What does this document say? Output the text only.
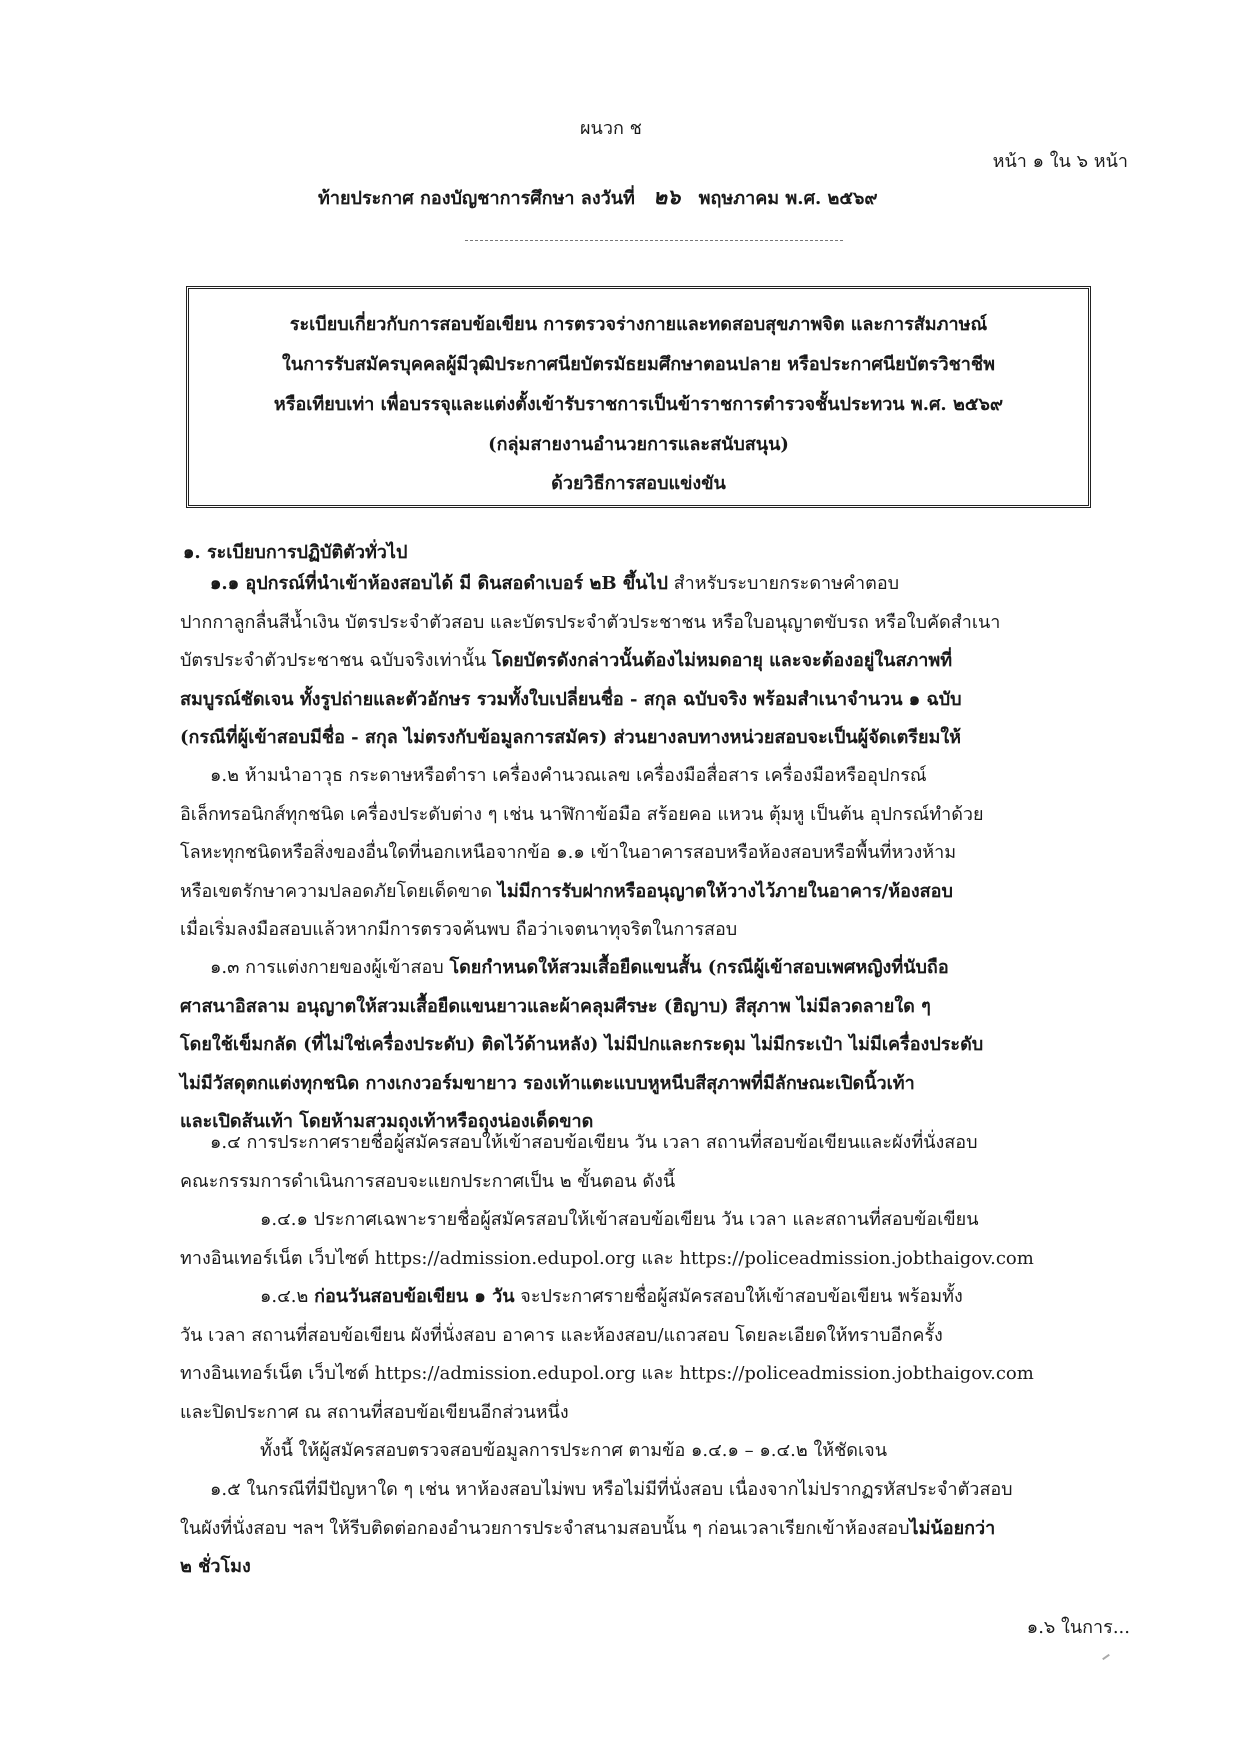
ผนวก ช
หน้า ๑ ใน ๖ หน้า
ท้ายประกาศ กองบัญชาการศึกษา ลงวันที่ ๒๖ พฤษภาคม พ.ศ. ๒๕๖๙
ระเบียบเกี่ยวกับการสอบข้อเขียน การตรวจร่างกายและทดสอบสุขภาพจิต และการสัมภาษณ์
ในการรับสมัครบุคคลผู้มีวุฒิประกาศนียบัตรมัธยมศึกษาตอนปลาย หรือประกาศนียบัตรวิชาชีพ
หรือเทียบเท่า เพื่อบรรจุและแต่งตั้งเข้ารับราชการเป็นข้าราชการตำรวจชั้นประทวน พ.ศ. ๒๕๖๙
(กลุ่มสายงานอำนวยการและสนับสนุน)
ด้วยวิธีการสอบแข่งขัน
๑. ระเบียบการปฏิบัติตัวทั่วไป
๑.๑ อุปกรณ์ที่นำเข้าห้องสอบได้ มี ดินสอดำเบอร์ ๒B ขึ้นไป สำหรับระบายกระดาษคำตอบ
ปากกาลูกลื่นสีน้ำเงิน บัตรประจำตัวสอบ และบัตรประจำตัวประชาชน หรือใบอนุญาตขับรถ หรือใบคัดสำเนา
บัตรประจำตัวประชาชน ฉบับจริงเท่านั้น โดยบัตรดังกล่าวนั้นต้องไม่หมดอายุ และจะต้องอยู่ในสภาพที่
สมบูรณ์ชัดเจน ทั้งรูปถ่ายและตัวอักษร รวมทั้งใบเปลี่ยนชื่อ - สกุล ฉบับจริง พร้อมสำเนาจำนวน ๑ ฉบับ
(กรณีที่ผู้เข้าสอบมีชื่อ - สกุล ไม่ตรงกับข้อมูลการสมัคร) ส่วนยางลบทางหน่วยสอบจะเป็นผู้จัดเตรียมให้
๑.๒ ห้ามนำอาวุธ กระดาษหรือตำรา เครื่องคำนวณเลข เครื่องมือสื่อสาร เครื่องมือหรืออุปกรณ์
อิเล็กทรอนิกส์ทุกชนิด เครื่องประดับต่าง ๆ เช่น นาฬิกาข้อมือ สร้อยคอ แหวน ตุ้มหู เป็นต้น อุปกรณ์ทำด้วย
โลหะทุกชนิดหรือสิ่งของอื่นใดที่นอกเหนือจากข้อ ๑.๑ เข้าในอาคารสอบหรือห้องสอบหรือพื้นที่หวงห้าม
หรือเขตรักษาความปลอดภัยโดยเด็ดขาด ไม่มีการรับฝากหรืออนุญาตให้วางไว้ภายในอาคาร/ห้องสอบ
เมื่อเริ่มลงมือสอบแล้วหากมีการตรวจค้นพบ ถือว่าเจตนาทุจริตในการสอบ
๑.๓ การแต่งกายของผู้เข้าสอบ โดยกำหนดให้สวมเสื้อยืดแขนสั้น (กรณีผู้เข้าสอบเพศหญิงที่นับถือ
ศาสนาอิสลาม อนุญาตให้สวมเสื้อยืดแขนยาวและผ้าคลุมศีรษะ (ฮิญาบ) สีสุภาพ ไม่มีลวดลายใด ๆ
โดยใช้เข็มกลัด (ที่ไม่ใช่เครื่องประดับ) ติดไว้ด้านหลัง) ไม่มีปกและกระดุม ไม่มีกระเป๋า ไม่มีเครื่องประดับ
ไม่มีวัสดุตกแต่งทุกชนิด กางเกงวอร์มขายาว รองเท้าแตะแบบหูหนีบสีสุภาพที่มีลักษณะเปิดนิ้วเท้า
และเปิดส้นเท้า โดยห้ามสวมถุงเท้าหรือถุงน่องเด็ดขาด
๑.๔ การประกาศรายชื่อผู้สมัครสอบให้เข้าสอบข้อเขียน วัน เวลา สถานที่สอบข้อเขียนและผังที่นั่งสอบ
คณะกรรมการดำเนินการสอบจะแยกประกาศเป็น ๒ ขั้นตอน ดังนี้
๑.๔.๑ ประกาศเฉพาะรายชื่อผู้สมัครสอบให้เข้าสอบข้อเขียน วัน เวลา และสถานที่สอบข้อเขียน
ทางอินเทอร์เน็ต เว็บไซต์ https://admission.edupol.org และ https://policeadmission.jobthaigov.com
๑.๔.๒ ก่อนวันสอบข้อเขียน ๑ วัน จะประกาศรายชื่อผู้สมัครสอบให้เข้าสอบข้อเขียน พร้อมทั้ง
วัน เวลา สถานที่สอบข้อเขียน ผังที่นั่งสอบ อาคาร และห้องสอบ/แถวสอบ โดยละเอียดให้ทราบอีกครั้ง
ทางอินเทอร์เน็ต เว็บไซต์ https://admission.edupol.org และ https://policeadmission.jobthaigov.com
และปิดประกาศ ณ สถานที่สอบข้อเขียนอีกส่วนหนึ่ง
ทั้งนี้ ให้ผู้สมัครสอบตรวจสอบข้อมูลการประกาศ ตามข้อ ๑.๔.๑ – ๑.๔.๒ ให้ชัดเจน
๑.๕ ในกรณีที่มีปัญหาใด ๆ เช่น หาห้องสอบไม่พบ หรือไม่มีที่นั่งสอบ เนื่องจากไม่ปรากฏรหัสประจำตัวสอบ
ในผังที่นั่งสอบ ฯลฯ ให้รีบติดต่อกองอำนวยการประจำสนามสอบนั้น ๆ ก่อนเวลาเรียกเข้าห้องสอบไม่น้อยกว่า
๒ ชั่วโมง
๑.๖ ในการ...
